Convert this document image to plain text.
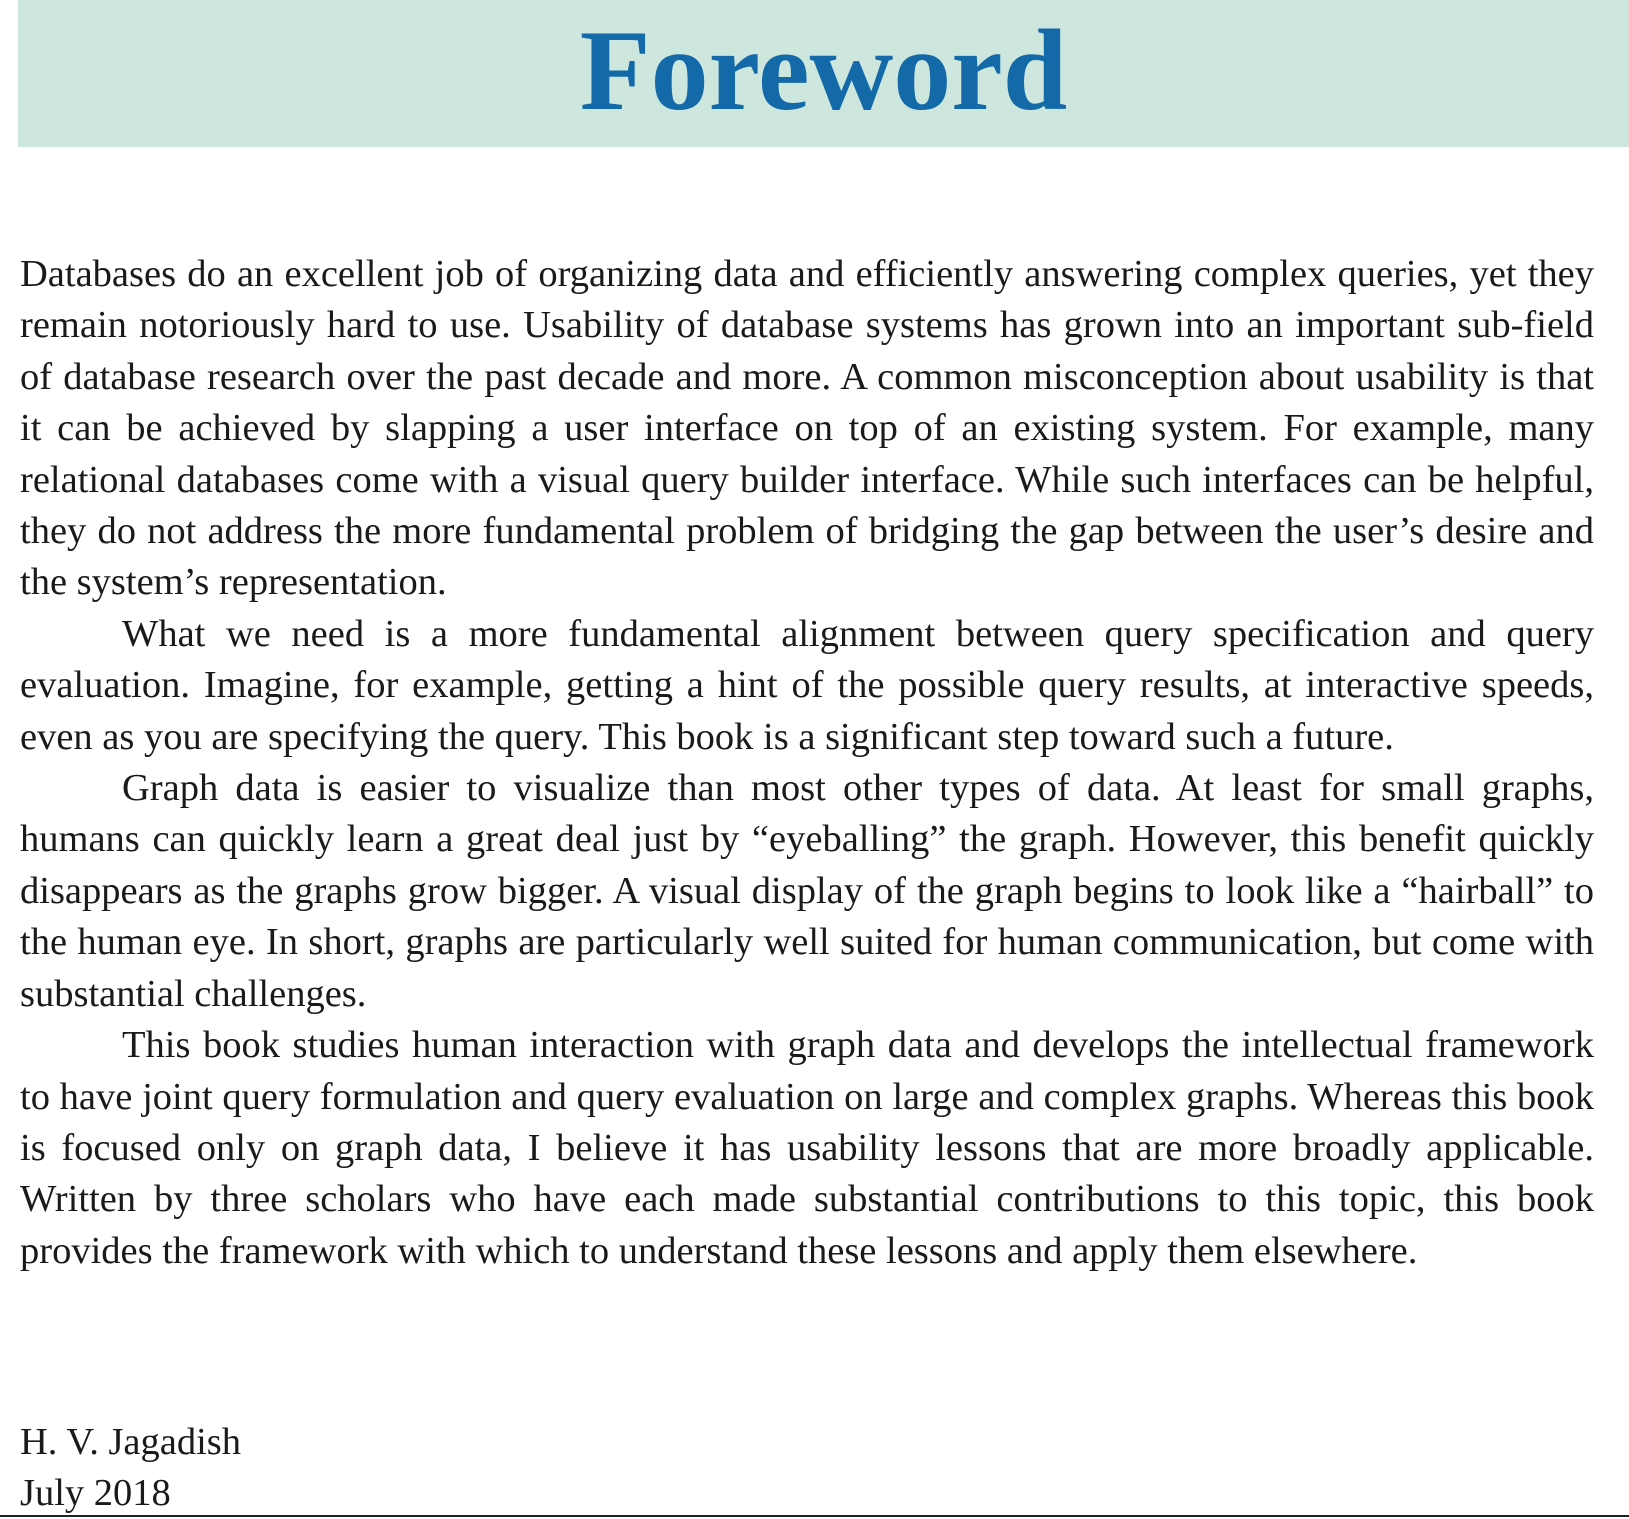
Foreword

Databases do an excellent job of organizing data and efficiently answering complex queries, yet they remain notoriously hard to use. Usability of database systems has grown into an important sub-field of database research over the past decade and more. A common misconception about usability is that it can be achieved by slapping a user interface on top of an existing system. For example, many relational databases come with a visual query builder interface. While such interfaces can be helpful, they do not address the more fundamental problem of bridging the gap between the user’s desire and the system’s representation.

What we need is a more fundamental alignment between query specification and query evaluation. Imagine, for example, getting a hint of the possible query results, at interactive speeds, even as you are specifying the query. This book is a significant step toward such a future.

Graph data is easier to visualize than most other types of data. At least for small graphs, humans can quickly learn a great deal just by “eyeballing” the graph. However, this benefit quickly disappears as the graphs grow bigger. A visual display of the graph begins to look like a “hairball” to the human eye. In short, graphs are particularly well suited for human communication, but come with substantial challenges.

This book studies human interaction with graph data and develops the intellectual framework to have joint query formulation and query evaluation on large and complex graphs. Whereas this book is focused only on graph data, I believe it has usability lessons that are more broadly applicable. Written by three scholars who have each made substantial contributions to this topic, this book provides the framework with which to understand these lessons and apply them elsewhere.

H. V. Jagadish
July 2018
